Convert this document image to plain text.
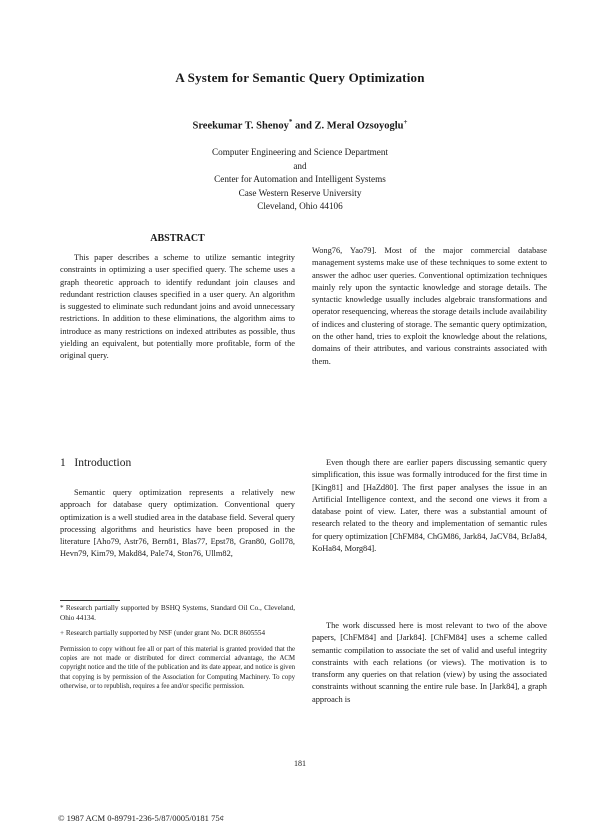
A System for Semantic Query Optimization
Sreekumar T. Shenoy* and Z. Meral Ozsoyoglu+
Computer Engineering and Science Department
and
Center for Automation and Intelligent Systems
Case Western Reserve University
Cleveland, Ohio 44106
ABSTRACT

This paper describes a scheme to utilize semantic integrity constraints in optimizing a user specified query. The scheme uses a graph theoretic approach to identify redundant join clauses and redundant restriction clauses specified in a user query. An algorithm is suggested to eliminate such redundant joins and avoid unnecessary restrictions. In addition to these eliminations, the algorithm aims to introduce as many restrictions on indexed attributes as possible, thus yielding an equivalent, but potentially more profitable, form of the original query.

1 Introduction

Semantic query optimization represents a relatively new approach for database query optimization. Conventional query optimization is a well studied area in the database field. Several query processing algorithms and heuristics have been proposed in the literature [Aho79, Astr76, Bern81, Blas77, Epst78, Gran80, Goll78, Hevn79, Kim79, Makd84, Pale74, Ston76, Ullm82,

* Research partially supported by BSHQ Systems, Standard Oil Co., Cleveland, Ohio 44134.

+ Research partially supported by NSF (under grant No. DCR 8605554

Permission to copy without fee all or part of this material is granted provided that the copies are not made or distributed for direct commercial advantage, the ACM copyright notice and the title of the publication and its date appear, and notice is given that copying is by permission of the Association for Computing Machinery. To copy otherwise, or to republish, requires a fee and/or specific permission.

© 1987 ACM 0-89791-236-5/87/0005/0181 75¢

Wong76, Yao79]. Most of the major commercial database management systems make use of these techniques to some extent to answer the adhoc user queries. Conventional optimization techniques mainly rely upon the syntactic knowledge and storage details. The syntactic knowledge usually includes algebraic transformations and operator resequencing, whereas the storage details include availability of indices and clustering of storage. The semantic query optimization, on the other hand, tries to exploit the knowledge about the relations, domains of their attributes, and various constraints associated with them.

Even though there are earlier papers discussing semantic query simplification, this issue was formally introduced for the first time in [King81] and [HaZd80]. The first paper analyses the issue in an Artificial Intelligence context, and the second one views it from a database point of view. Later, there was a substantial amount of research related to the theory and implementation of semantic rules for query optimization [ChFM84, ChGM86, Jark84, JaCV84, BrJa84, KoHa84, Morg84].

The work discussed here is most relevant to two of the above papers, [ChFM84] and [Jark84]. [ChFM84] uses a scheme called semantic compilation to associate the set of valid and useful integrity constraints with each relations (or views). The motivation is to transform any queries on that relation (view) by using the associated constraints without scanning the entire rule base. In [Jark84], a graph approach is

181
